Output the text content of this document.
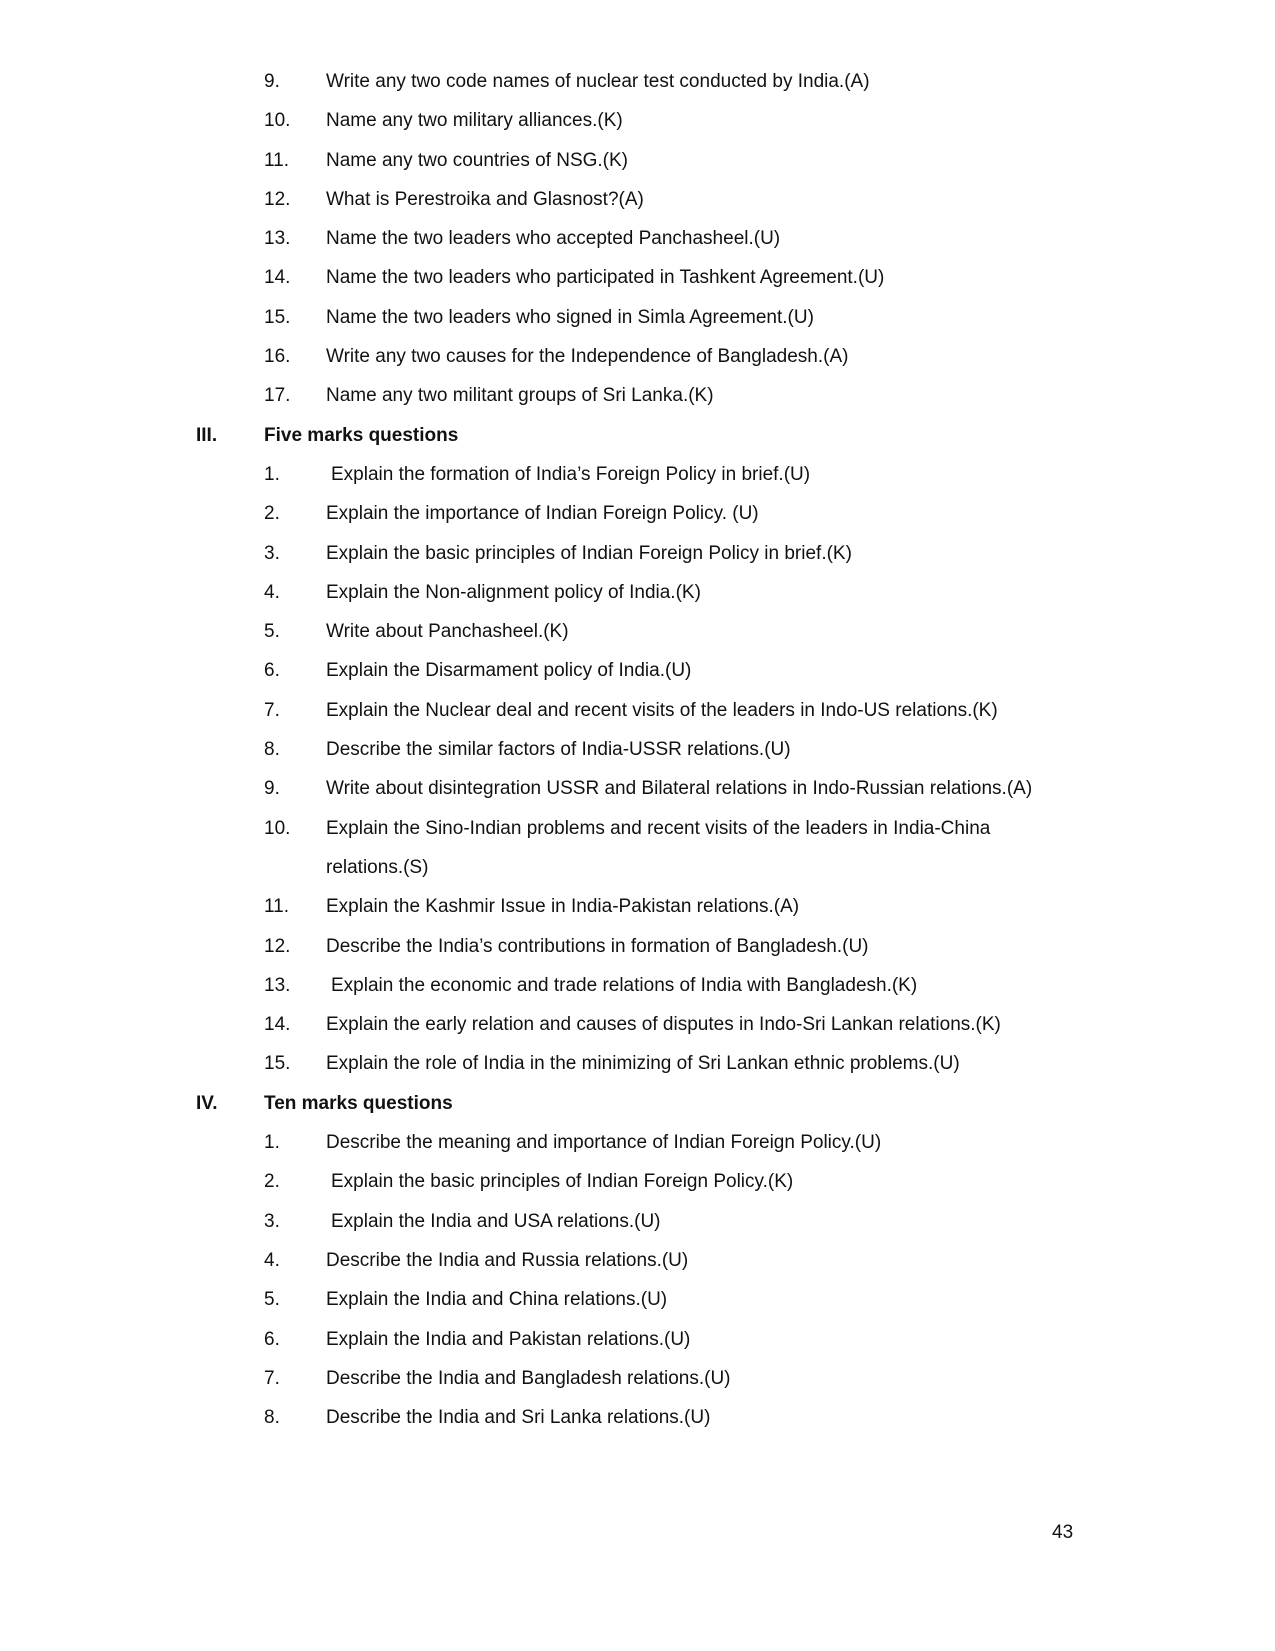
9. Write any two code names of nuclear test conducted by India.(A)
10. Name any two military alliances.(K)
11. Name any two countries of NSG.(K)
12. What is Perestroika and Glasnost?(A)
13. Name the two leaders who accepted Panchasheel.(U)
14. Name the two leaders who participated in Tashkent Agreement.(U)
15. Name the two leaders who signed in Simla Agreement.(U)
16. Write any two causes for the Independence of Bangladesh.(A)
17. Name any two militant groups of Sri Lanka.(K)
III. Five marks questions
1.	Explain the formation of India’s Foreign Policy in brief.(U)
2. Explain the importance of Indian Foreign Policy. (U)
3. Explain the basic principles of Indian Foreign Policy in brief.(K)
4. Explain the Non-alignment policy of India.(K)
5. Write about Panchasheel.(K)
6. Explain the Disarmament policy of India.(U)
7. Explain the Nuclear deal and recent visits of the leaders in Indo-US relations.(K)
8. Describe the similar factors of India-USSR relations.(U)
9. Write about disintegration USSR and Bilateral relations in Indo-Russian relations.(A)
10. Explain the Sino-Indian problems and recent visits of the leaders in India-China
relations.(S)
11. Explain the Kashmir Issue in India-Pakistan relations.(A)
12. Describe the India’s contributions in formation of Bangladesh.(U)
13. Explain the economic and trade relations of India with Bangladesh.(K)
14. Explain the early relation and causes of disputes in Indo-Sri Lankan relations.(K)
15. Explain the role of India in the minimizing of Sri Lankan ethnic problems.(U)
IV. Ten marks questions
1. Describe the meaning and importance of Indian Foreign Policy.(U)
2.	Explain the basic principles of Indian Foreign Policy.(K)
3.	Explain the India and USA relations.(U)
4. Describe the India and Russia relations.(U)
5. Explain the India and China relations.(U)
6. Explain the India and Pakistan relations.(U)
7. Describe the India and Bangladesh relations.(U)
8. Describe the India and Sri Lanka relations.(U)
43
